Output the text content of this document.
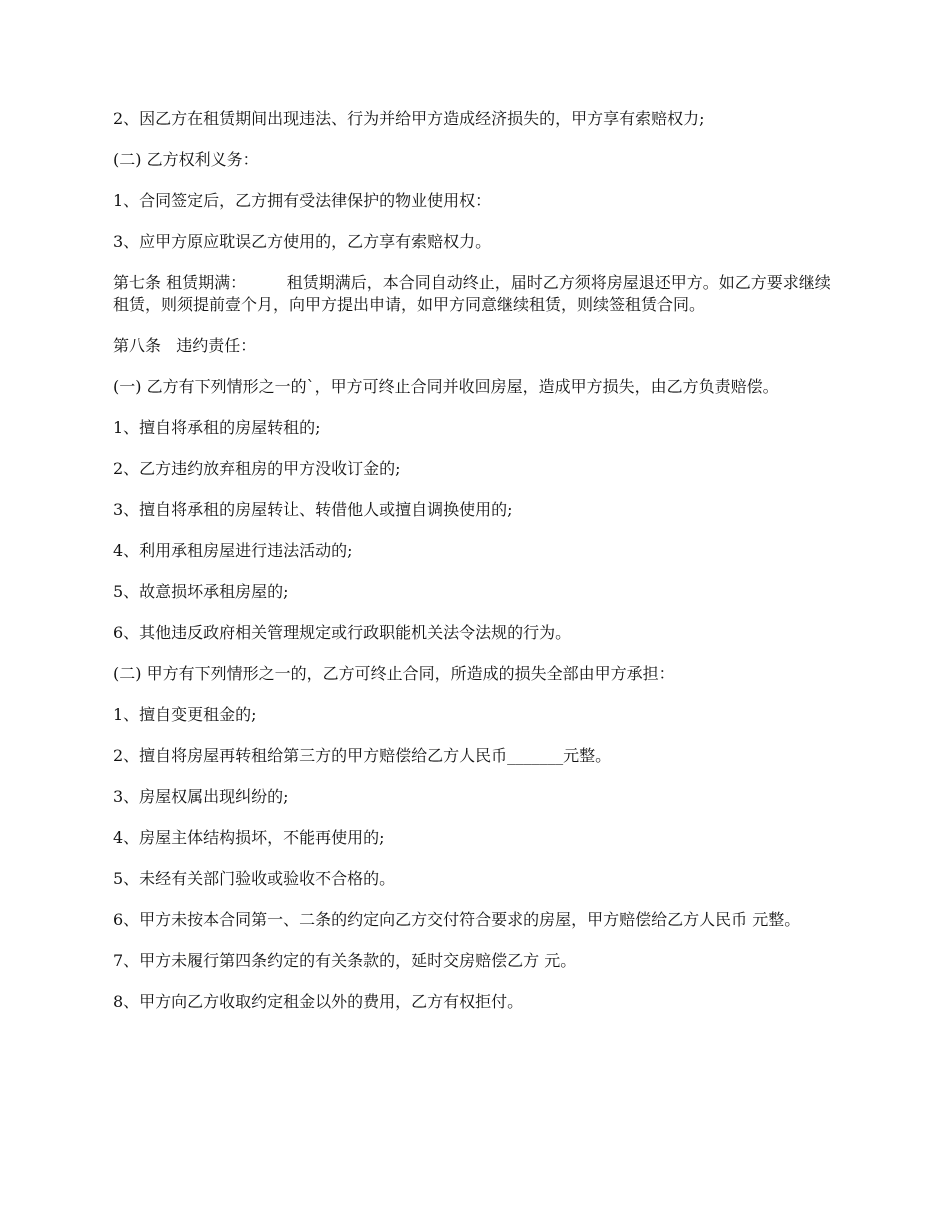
2、因乙方在租赁期间出现违法、行为并给甲方造成经济损失的，甲方享有索赔权力;

(二) 乙方权利义务：

1、合同签定后，乙方拥有受法律保护的物业使用权：

3、应甲方原应耽误乙方使用的，乙方享有索赔权力。

第七条 租赁期满：        租赁期满后，本合同自动终止，届时乙方须将房屋退还甲方。如乙方要求继续租赁，则须提前壹个月，向甲方提出申请，如甲方同意继续租赁，则续签租赁合同。

第八条   违约责任：

(一) 乙方有下列情形之一的`，甲方可终止合同并收回房屋，造成甲方损失，由乙方负责赔偿。

1、擅自将承租的房屋转租的;

2、乙方违约放弃租房的甲方没收订金的;

3、擅自将承租的房屋转让、转借他人或擅自调换使用的;

4、利用承租房屋进行违法活动的;

5、故意损坏承租房屋的;

6、其他违反政府相关管理规定或行政职能机关法令法规的行为。

(二) 甲方有下列情形之一的，乙方可终止合同，所造成的损失全部由甲方承担：

1、擅自变更租金的;

2、擅自将房屋再转租给第三方的甲方赔偿给乙方人民币_______元整。

3、房屋权属出现纠纷的;

4、房屋主体结构损坏，不能再使用的;

5、未经有关部门验收或验收不合格的。

6、甲方未按本合同第一、二条的约定向乙方交付符合要求的房屋，甲方赔偿给乙方人民币 元整。

7、甲方未履行第四条约定的有关条款的，延时交房赔偿乙方 元。

8、甲方向乙方收取约定租金以外的费用，乙方有权拒付。
